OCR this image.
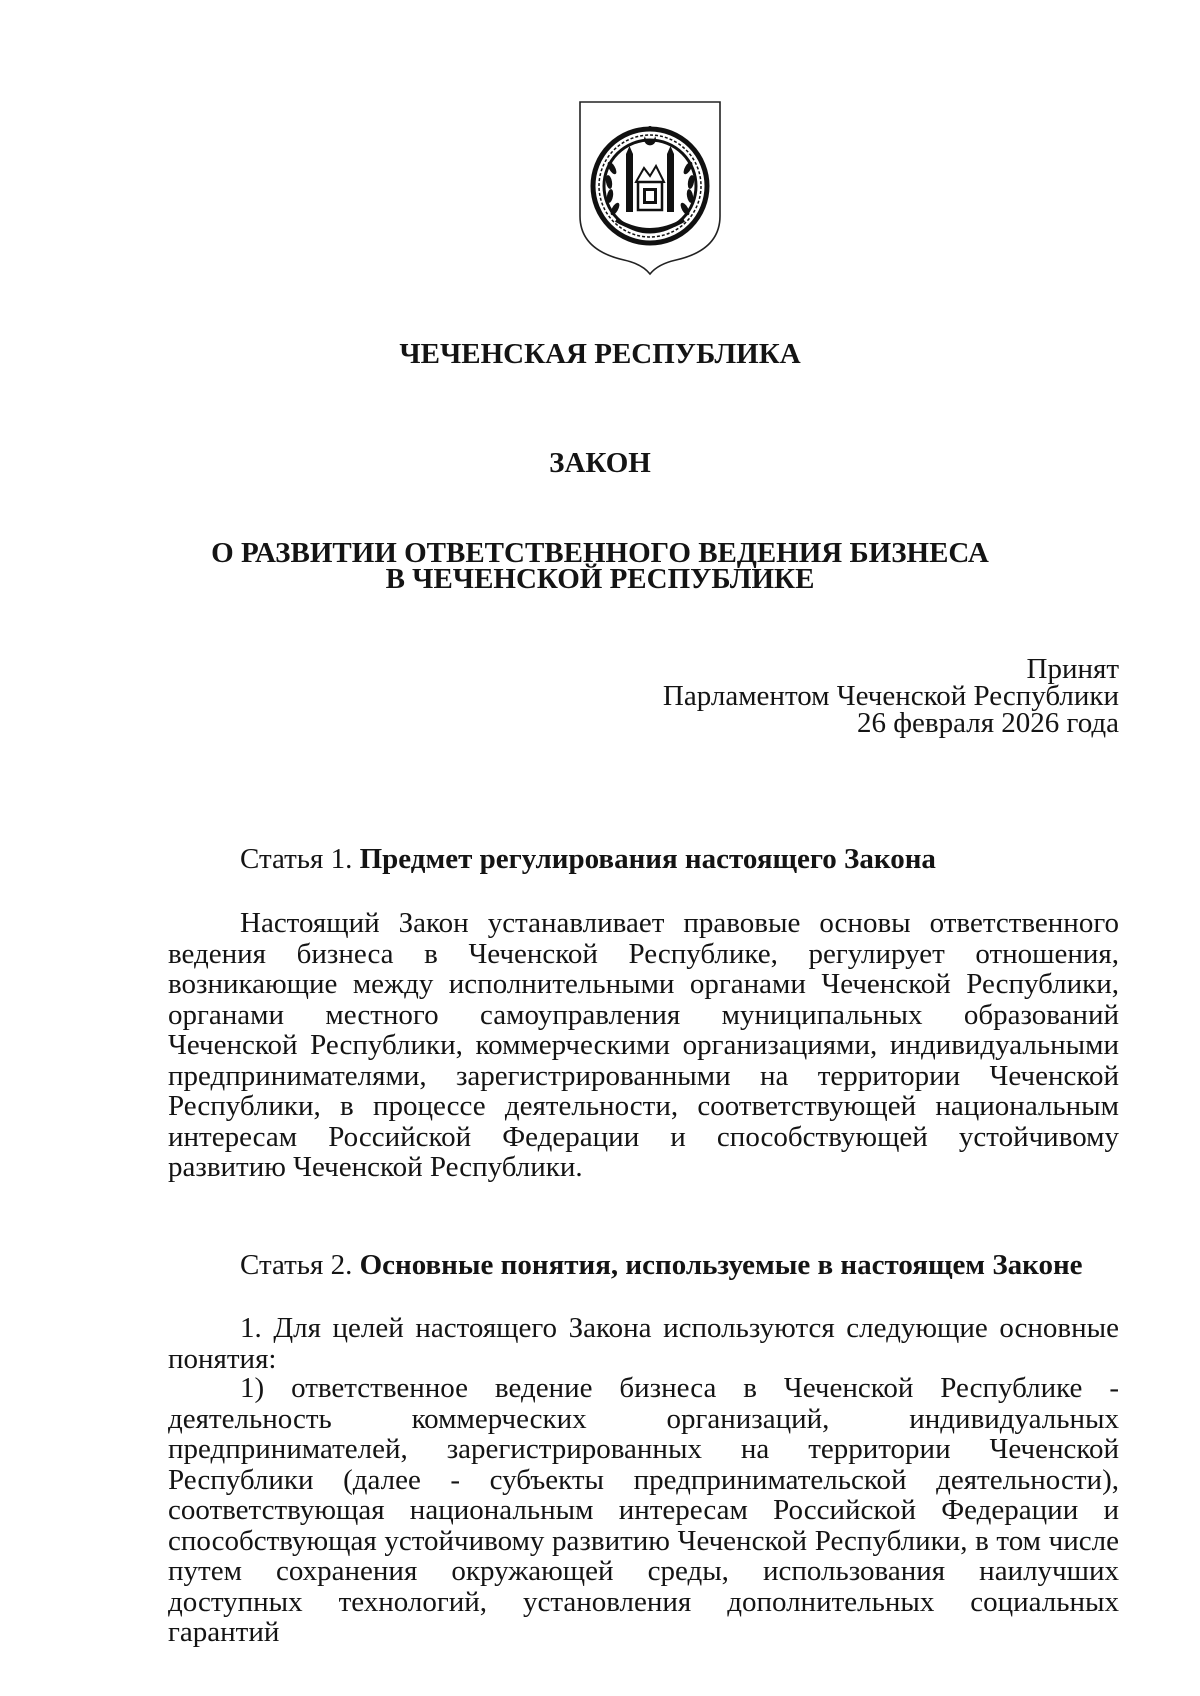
ЧЕЧЕНСКАЯ РЕСПУБЛИКА
ЗАКОН
О РАЗВИТИИ ОТВЕТСТВЕННОГО ВЕДЕНИЯ БИЗНЕСА
В ЧЕЧЕНСКОЙ РЕСПУБЛИКЕ
Принят
Парламентом Чеченской Республики
26 февраля 2026 года
Статья 1. Предмет регулирования настоящего Закона

Настоящий Закон устанавливает правовые основы ответственного ведения бизнеса в Чеченской Республике, регулирует отношения, возникающие между исполнительными органами Чеченской Республики, органами местного самоуправления муниципальных образований Чеченской Республики, коммерческими организациями, индивидуальными предпринимателями, зарегистрированными на территории Чеченской Республики, в процессе деятельности, соответствующей национальным интересам Российской Федерации и способствующей устойчивому развитию Чеченской Республики.

Статья 2. Основные понятия, используемые в настоящем Законе

1. Для целей настоящего Закона используются следующие основные понятия:

1) ответственное ведение бизнеса в Чеченской Республике - деятельность коммерческих организаций, индивидуальных предпринимателей, зарегистрированных на территории Чеченской Республики (далее - субъекты предпринимательской деятельности), соответствующая национальным интересам Российской Федерации и способствующая устойчивому развитию Чеченской Республики, в том числе путем сохранения окружающей среды, использования наилучших доступных технологий, установления дополнительных социальных гарантий
